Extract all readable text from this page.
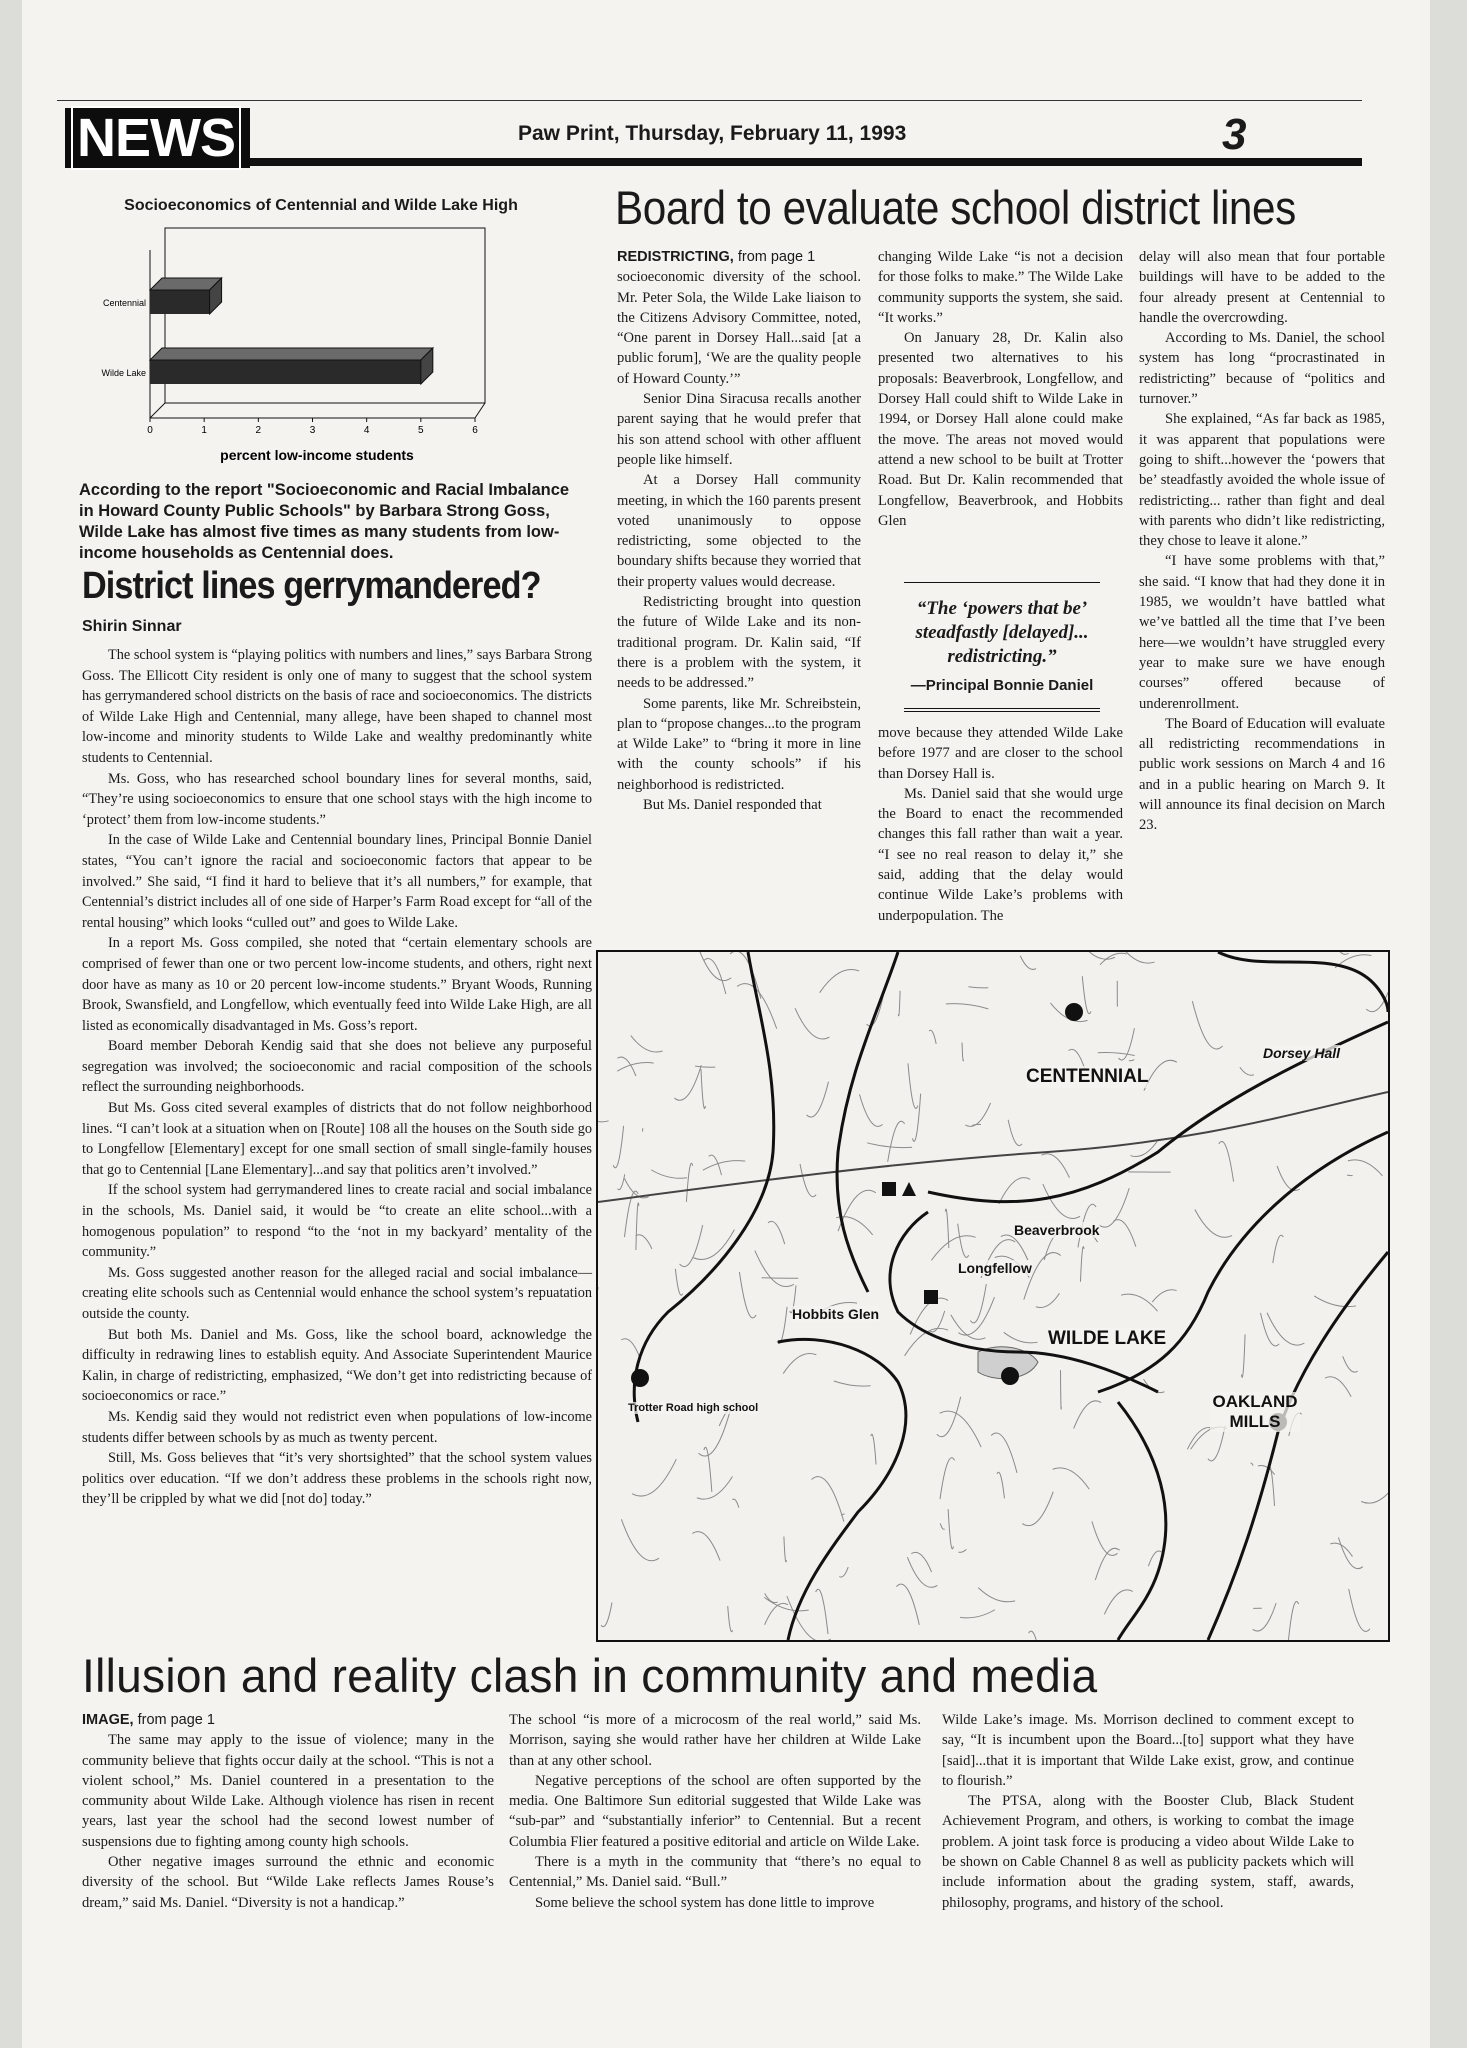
NEWS	Paw Print, Thursday, February 11, 1993	3
Socioeconomics of Centennial and Wilde Lake High
Centennial
Wilde Lake
0	1	2	3	4	5	6
percent low-income students
According to the report "Socioeconomic and Racial Imbalance in Howard County Public Schools" by Barbara Strong Goss, Wilde Lake has almost five times as many students from low-income households as Centennial does.
District lines gerrymandered?
Shirin Sinnar

The school system is “playing politics with numbers and lines,” says Barbara Strong Goss. The Ellicott City resident is only one of many to suggest that the school system has gerrymandered school districts on the basis of race and socioeconomics. The districts of Wilde Lake High and Centennial, many allege, have been shaped to channel most low-income and minority students to Wilde Lake and wealthy predominantly white students to Centennial.

Ms. Goss, who has researched school boundary lines for several months, said, “They’re using socioeconomics to ensure that one school stays with the high income to ‘protect’ them from low-income students.”

In the case of Wilde Lake and Centennial boundary lines, Principal Bonnie Daniel states, “You can’t ignore the racial and socioeconomic factors that appear to be involved.” She said, “I find it hard to believe that it’s all numbers,” for example, that Centennial’s district includes all of one side of Harper’s Farm Road except for “all of the rental housing” which looks “culled out” and goes to Wilde Lake.

In a report Ms. Goss compiled, she noted that “certain elementary schools are comprised of fewer than one or two percent low-income students, and others, right next door have as many as 10 or 20 percent low-income students.” Bryant Woods, Running Brook, Swansfield, and Longfellow, which eventually feed into Wilde Lake High, are all listed as economically disadvantaged in Ms. Goss’s report.

Board member Deborah Kendig said that she does not believe any purposeful segregation was involved; the socioeconomic and racial composition of the schools reflect the surrounding neighborhoods.

But Ms. Goss cited several examples of districts that do not follow neighborhood lines. “I can’t look at a situation when on [Route] 108 all the houses on the South side go to Longfellow [Elementary] except for one small section of small single-family houses that go to Centennial [Lane Elementary]...and say that politics aren’t involved.”

If the school system had gerrymandered lines to create racial and social imbalance in the schools, Ms. Daniel said, it would be “to create an elite school...with a homogenous population” to respond “to the ‘not in my backyard’ mentality of the community.”

Ms. Goss suggested another reason for the alleged racial and social imbalance—creating elite schools such as Centennial would enhance the school system’s repuatation outside the county.

But both Ms. Daniel and Ms. Goss, like the school board, acknowledge the difficulty in redrawing lines to establish equity. And Associate Superintendent Maurice Kalin, in charge of redistricting, emphasized, “We don’t get into redistricting because of socioeconomics or race.”

Ms. Kendig said they would not redistrict even when populations of low-income students differ between schools by as much as twenty percent.

Still, Ms. Goss believes that “it’s very shortsighted” that the school system values politics over education. “If we don’t address these problems in the schools right now, they’ll be crippled by what we did [not do] today.”

Board to evaluate school district lines

REDISTRICTING, from page 1

socioeconomic diversity of the school. Mr. Peter Sola, the Wilde Lake liaison to the Citizens Advisory Committee, noted, “One parent in Dorsey Hall...said [at a public forum], ‘We are the quality people of Howard County.’”

Senior Dina Siracusa recalls another parent saying that he would prefer that his son attend school with other affluent people like himself.

At a Dorsey Hall community meeting, in which the 160 parents present voted unanimously to oppose redistricting, some objected to the boundary shifts because they worried that their property values would decrease.

Redistricting brought into question the future of Wilde Lake and its non-traditional program. Dr. Kalin said, “If there is a problem with the system, it needs to be addressed.”

Some parents, like Mr. Schreibstein, plan to “propose changes...to the program at Wilde Lake” to “bring it more in line with the county schools” if his neighborhood is redistricted.

But Ms. Daniel responded that

changing Wilde Lake “is not a decision for those folks to make.” The Wilde Lake community supports the system, she said. “It works.”

On January 28, Dr. Kalin also presented two alternatives to his proposals: Beaverbrook, Longfellow, and Dorsey Hall could shift to Wilde Lake in 1994, or Dorsey Hall alone could make the move. The areas not moved would attend a new school to be built at Trotter Road. But Dr. Kalin recommended that Longfellow, Beaverbrook, and Hobbits Glen

“The ‘powers that be’ steadfastly [delayed]... redistricting.”
—Principal Bonnie Daniel

move because they attended Wilde Lake before 1977 and are closer to the school than Dorsey Hall is.

Ms. Daniel said that she would urge the Board to enact the recommended changes this fall rather than wait a year. “I see no real reason to delay it,” she said, adding that the delay would continue Wilde Lake’s problems with underpopulation. The

delay will also mean that four portable buildings will have to be added to the four already present at Centennial to handle the overcrowding.

According to Ms. Daniel, the school system has long “procrastinated in redistricting” because of “politics and turnover.”

She explained, “As far back as 1985, it was apparent that populations were going to shift...however the ‘powers that be’ steadfastly avoided the whole issue of redistricting... rather than fight and deal with parents who didn’t like redistricting, they chose to leave it alone.”

“I have some problems with that,” she said. “I know that had they done it in 1985, we wouldn’t have battled what we’ve battled all the time that I’ve been here—we wouldn’t have struggled every year to make sure we have enough courses” offered because of underenrollment.

The Board of Education will evaluate all redistricting recommendations in public work sessions on March 4 and 16 and in a public hearing on March 9. It will announce its final decision on March 23.

Dorsey Hall
CENTENNIAL
Beaverbrook
Longfellow
Hobbits Glen
WILDE LAKE
OAKLAND MILLS
Trotter Road high school
Illusion and reality clash in community and media

IMAGE, from page 1

The same may apply to the issue of violence; many in the community believe that fights occur daily at the school. “This is not a violent school,” Ms. Daniel countered in a presentation to the community about Wilde Lake. Although violence has risen in recent years, last year the school had the second lowest number of suspensions due to fighting among county high schools.

Other negative images surround the ethnic and economic diversity of the school. But “Wilde Lake reflects James Rouse’s dream,” said Ms. Daniel. “Diversity is not a handicap.”

The school “is more of a microcosm of the real world,” said Ms. Morrison, saying she would rather have her children at Wilde Lake than at any other school.

Negative perceptions of the school are often supported by the media. One Baltimore Sun editorial suggested that Wilde Lake was “sub-par” and “substantially inferior” to Centennial. But a recent Columbia Flier featured a positive editorial and article on Wilde Lake.

There is a myth in the community that “there’s no equal to Centennial,” Ms. Daniel said. “Bull.”

Some believe the school system has done little to improve

Wilde Lake’s image. Ms. Morrison declined to comment except to say, “It is incumbent upon the Board...[to] support what they have [said]...that it is important that Wilde Lake exist, grow, and continue to flourish.”

The PTSA, along with the Booster Club, Black Student Achievement Program, and others, is working to combat the image problem. A joint task force is producing a video about Wilde Lake to be shown on Cable Channel 8 as well as publicity packets which will include information about the grading system, staff, awards, philosophy, programs, and history of the school.
